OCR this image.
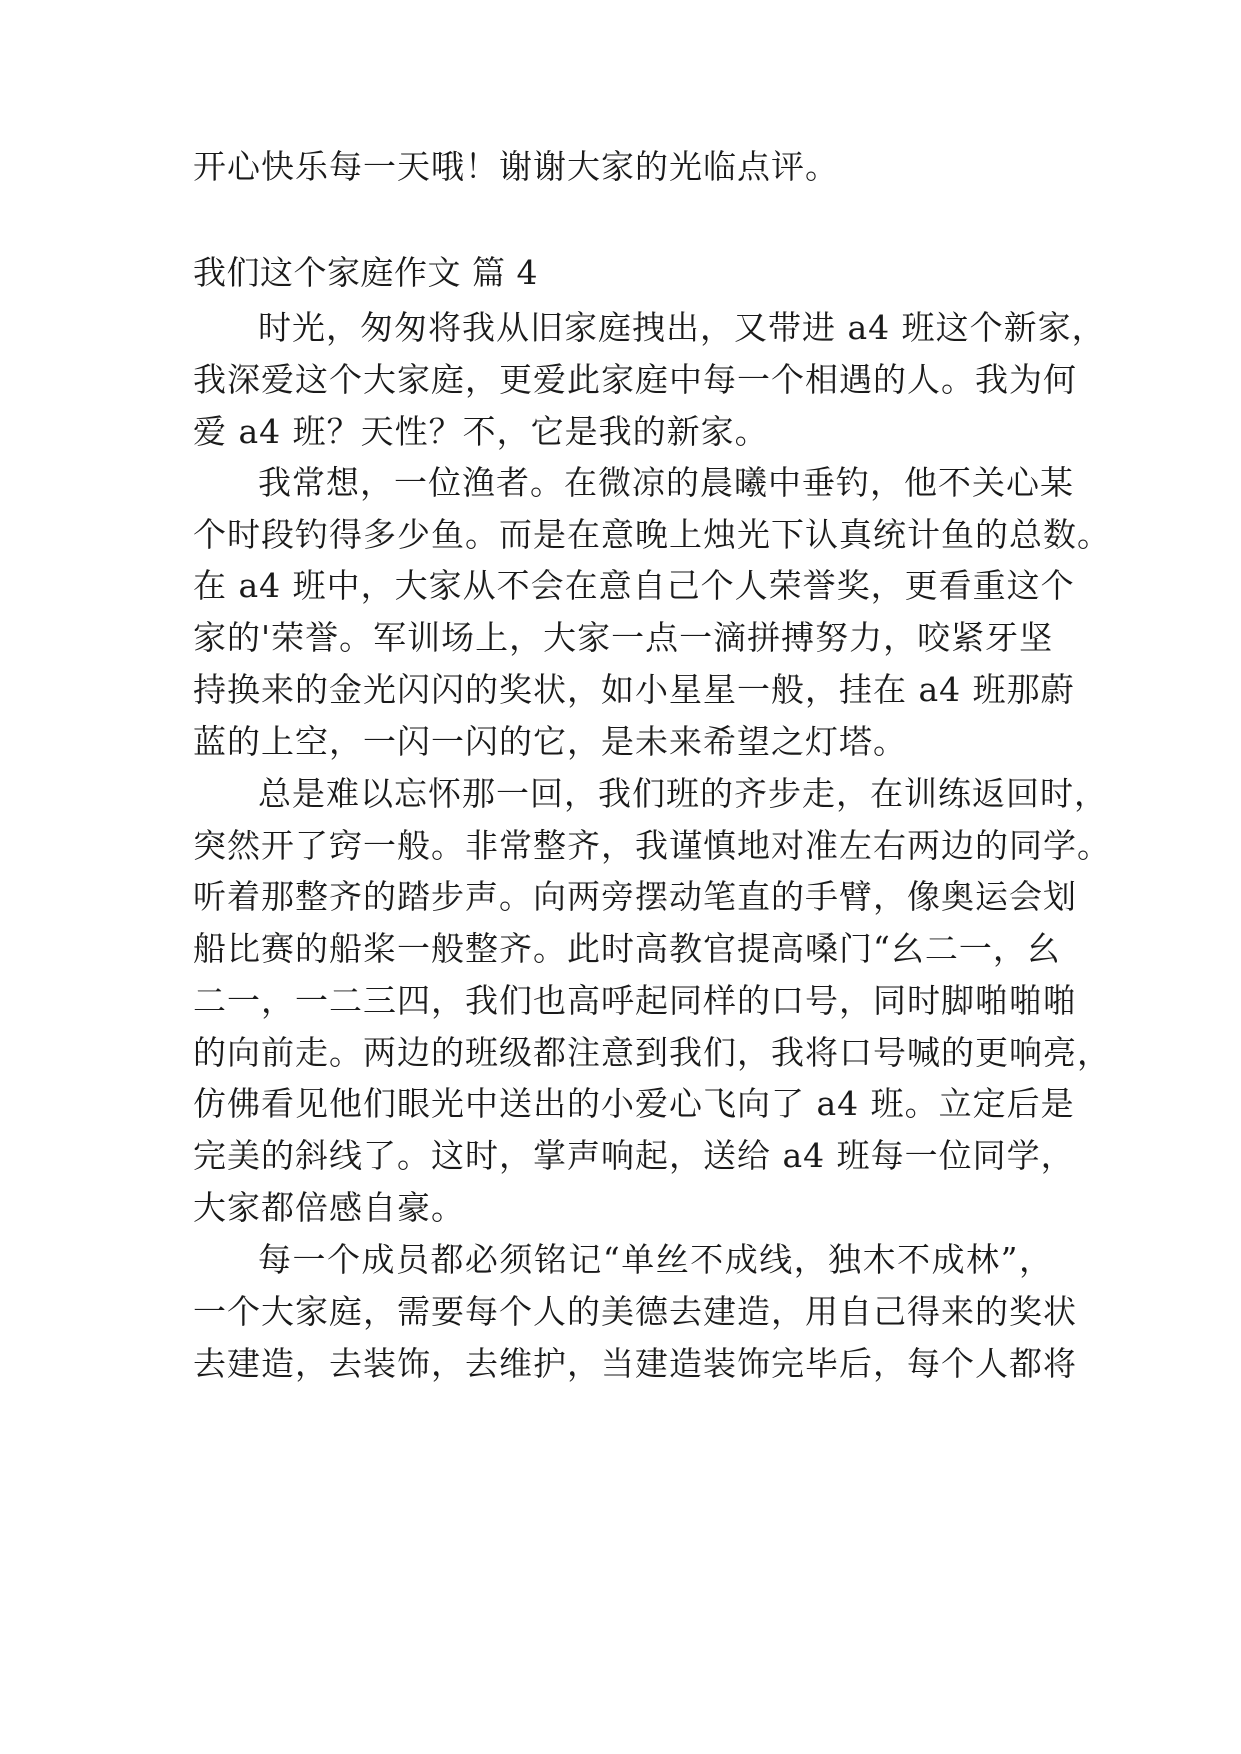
开心快乐每一天哦！谢谢大家的光临点评。
我们这个家庭作文 篇 4
时光，匆匆将我从旧家庭拽出，又带进 a4 班这个新家，
我深爱这个大家庭，更爱此家庭中每一个相遇的人。我为何
爱 a4 班？天性？不，它是我的新家。
我常想，一位渔者。在微凉的晨曦中垂钓，他不关心某
个时段钓得多少鱼。而是在意晚上烛光下认真统计鱼的总数。
在 a4 班中，大家从不会在意自己个人荣誉奖，更看重这个
家的'荣誉。军训场上，大家一点一滴拼搏努力，咬紧牙坚
持换来的金光闪闪的奖状，如小星星一般，挂在 a4 班那蔚
蓝的上空，一闪一闪的它，是未来希望之灯塔。
总是难以忘怀那一回，我们班的齐步走，在训练返回时，
突然开了窍一般。非常整齐，我谨慎地对准左右两边的同学。
听着那整齐的踏步声。向两旁摆动笔直的手臂，像奥运会划
船比赛的船桨一般整齐。此时高教官提高嗓门“幺二一，幺
二一，一二三四，我们也高呼起同样的口号，同时脚啪啪啪
的向前走。两边的班级都注意到我们，我将口号喊的更响亮，
仿佛看见他们眼光中送出的小爱心飞向了 a4 班。立定后是
完美的斜线了。这时，掌声响起，送给 a4 班每一位同学，
大家都倍感自豪。
每一个成员都必须铭记“单丝不成线，独木不成林”，
一个大家庭，需要每个人的美德去建造，用自己得来的奖状
去建造，去装饰，去维护，当建造装饰完毕后，每个人都将
